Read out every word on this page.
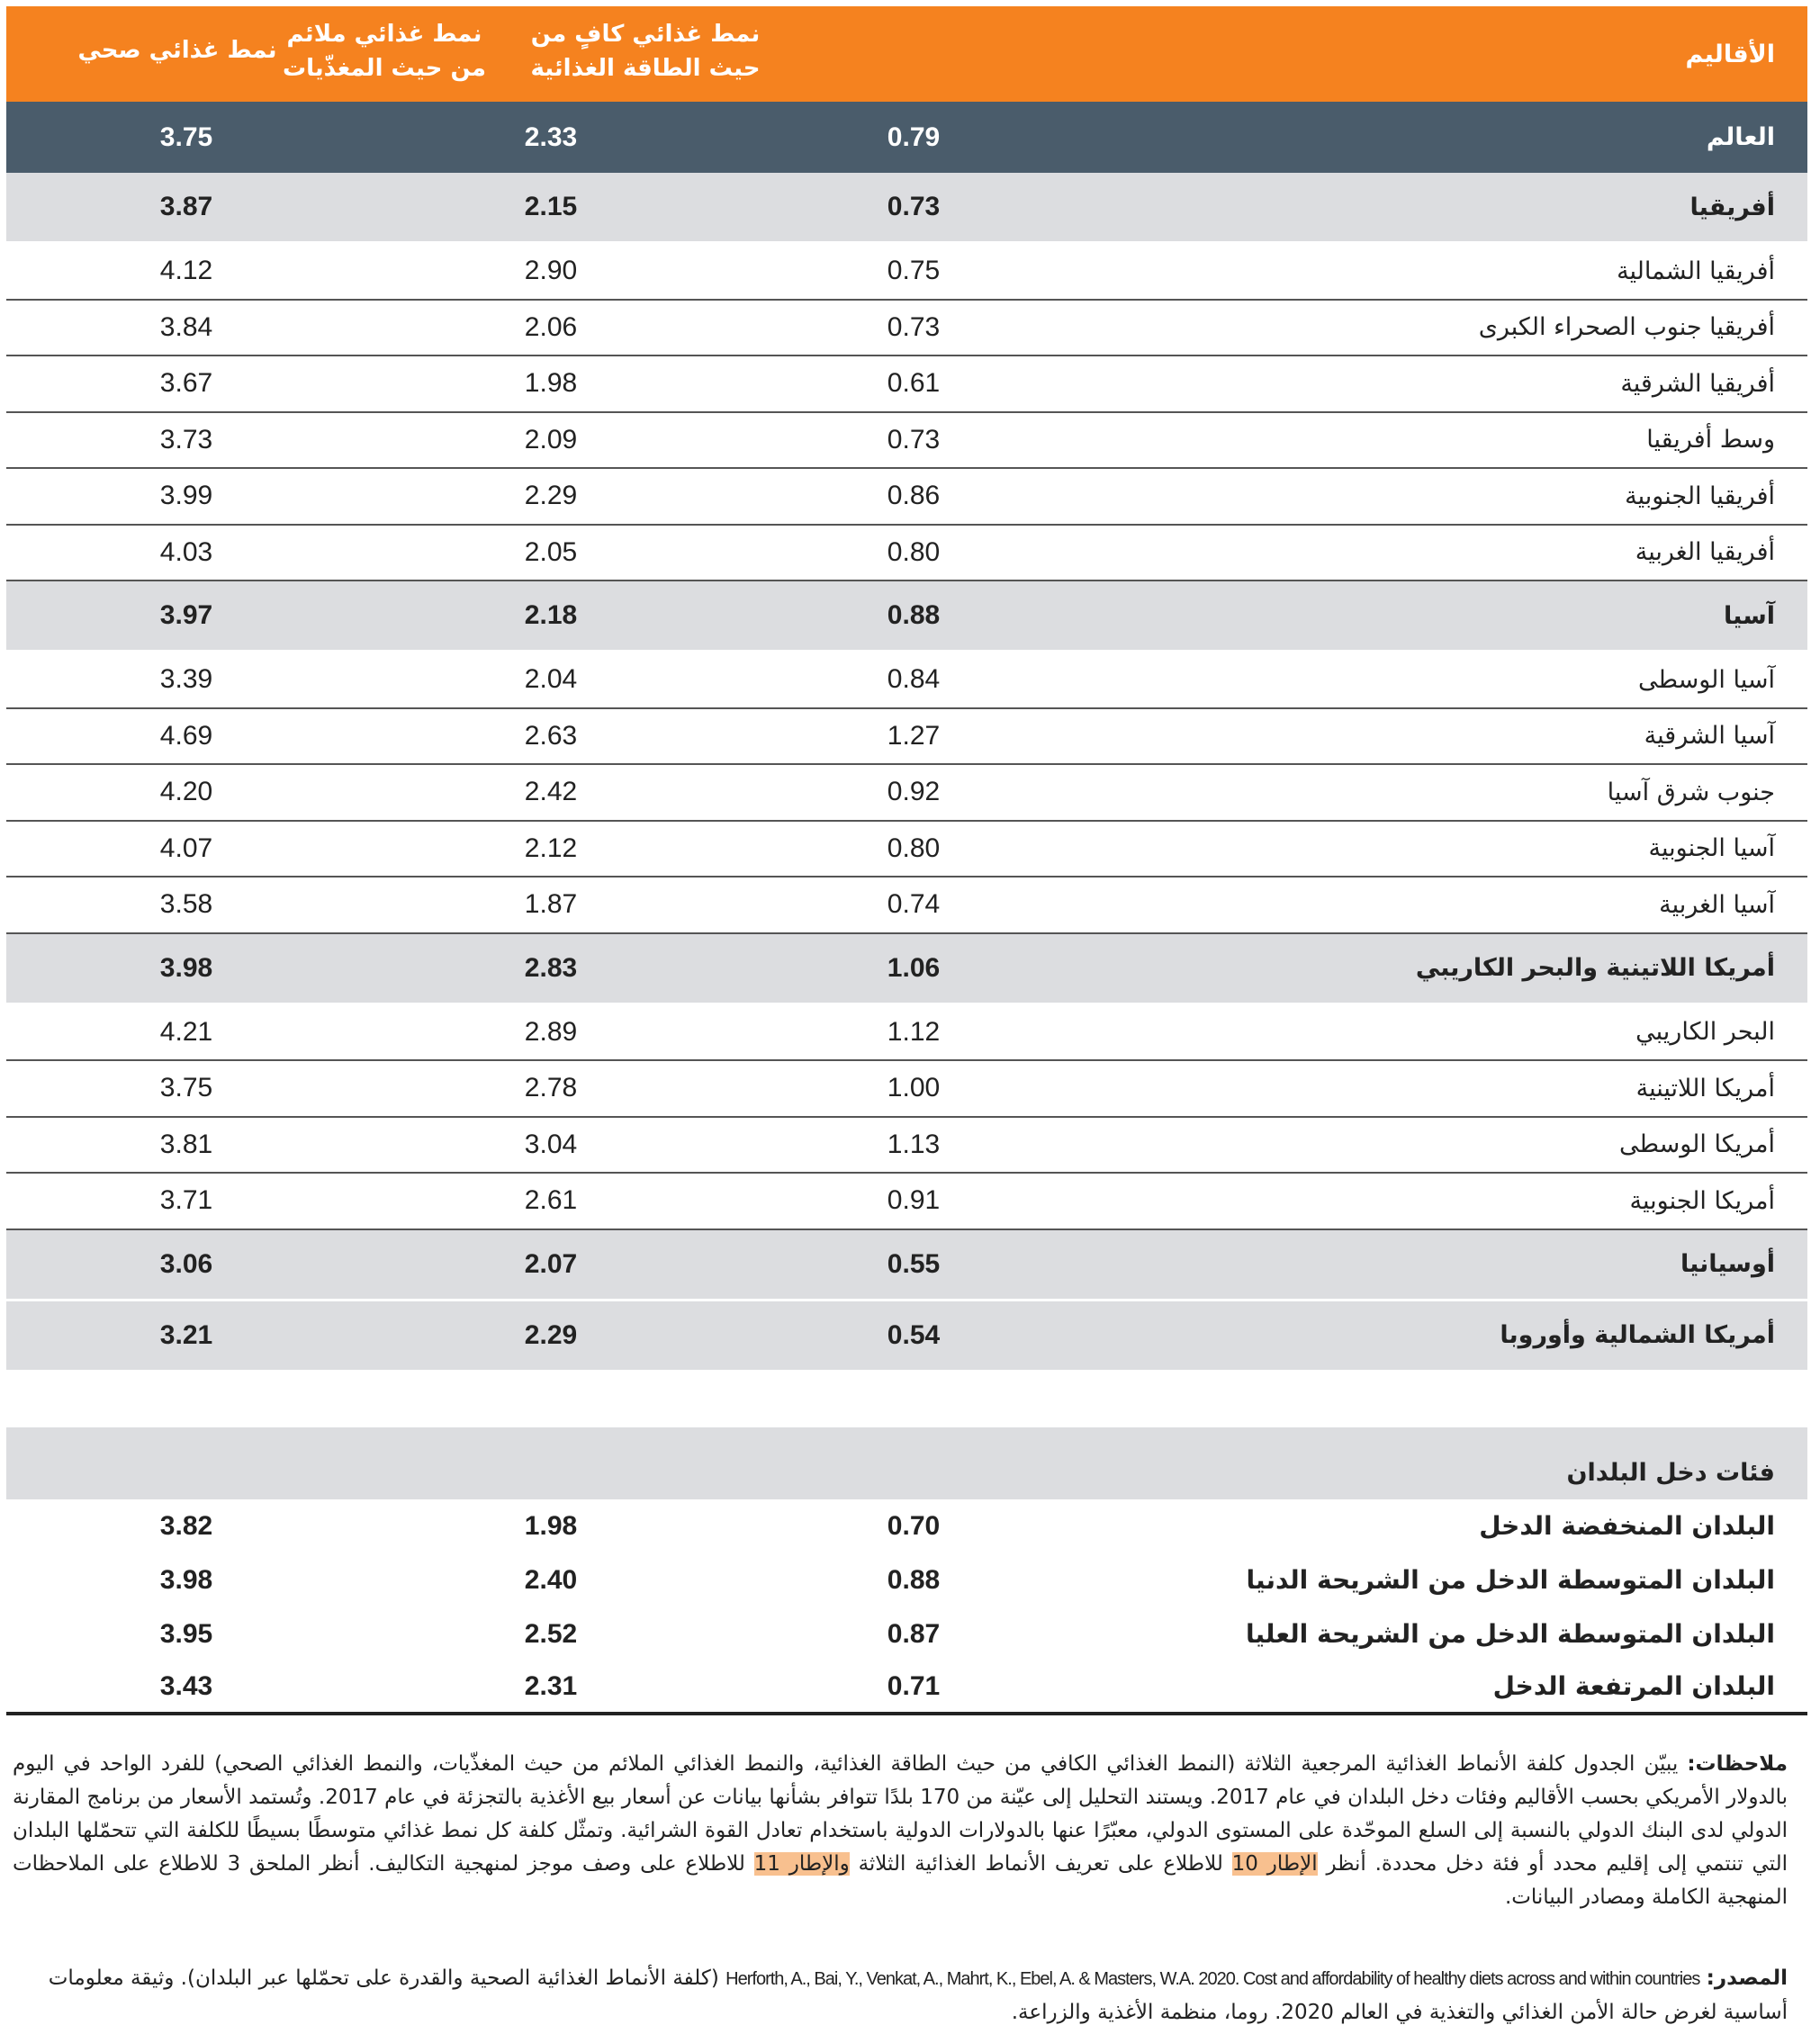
الأقاليم
نمط غذائي كافٍ من حيث الطاقة الغذائية
نمط غذائي ملائم من حيث المغذّيات
نمط غذائي صحي
العالم
0.79
2.33
3.75
أفريقيا
0.73
2.15
3.87
أفريقيا الشمالية
0.75
2.90
4.12
أفريقيا جنوب الصحراء الكبرى
0.73
2.06
3.84
أفريقيا الشرقية
0.61
1.98
3.67
وسط أفريقيا
0.73
2.09
3.73
أفريقيا الجنوبية
0.86
2.29
3.99
أفريقيا الغربية
0.80
2.05
4.03
آسيا
0.88
2.18
3.97
آسيا الوسطى
0.84
2.04
3.39
آسيا الشرقية
1.27
2.63
4.69
جنوب شرق آسيا
0.92
2.42
4.20
آسيا الجنوبية
0.80
2.12
4.07
آسيا الغربية
0.74
1.87
3.58
أمريكا اللاتينية والبحر الكاريبي
1.06
2.83
3.98
البحر الكاريبي
1.12
2.89
4.21
أمريكا اللاتينية
1.00
2.78
3.75
أمريكا الوسطى
1.13
3.04
3.81
أمريكا الجنوبية
0.91
2.61
3.71
أوسيانيا
0.55
2.07
3.06
أمريكا الشمالية وأوروبا
0.54
2.29
3.21
فئات دخل البلدان
البلدان المنخفضة الدخل
0.70
1.98
3.82
البلدان المتوسطة الدخل من الشريحة الدنيا
0.88
2.40
3.98
البلدان المتوسطة الدخل من الشريحة العليا
0.87
2.52
3.95
البلدان المرتفعة الدخل
0.71
2.31
3.43
ملاحظات: يبيّن الجدول كلفة الأنماط الغذائية المرجعية الثلاثة (النمط الغذائي الكافي من حيث الطاقة الغذائية، والنمط الغذائي الملائم من حيث المغذّيات، والنمط الغذائي الصحي) للفرد الواحد في اليوم بالدولار الأمريكي بحسب الأقاليم وفئات دخل البلدان في عام 2017. ويستند التحليل إلى عيّنة من 170 بلدًا تتوافر بشأنها بيانات عن أسعار بيع الأغذية بالتجزئة في عام 2017. وتُستمد الأسعار من برنامج المقارنة الدولي لدى البنك الدولي بالنسبة إلى السلع الموحّدة على المستوى الدولي، معبّرًا عنها بالدولارات الدولية باستخدام تعادل القوة الشرائية. وتمثّل كلفة كل نمط غذائي متوسطًا بسيطًا للكلفة التي تتحمّلها البلدان التي تنتمي إلى إقليم محدد أو فئة دخل محددة. أنظر الإطار 10 للاطلاع على تعريف الأنماط الغذائية الثلاثة والإطار 11 للاطلاع على وصف موجز لمنهجية التكاليف. أنظر الملحق 3 للاطلاع على الملاحظات المنهجية الكاملة ومصادر البيانات.
المصدر: Herforth, A., Bai, Y., Venkat, A., Mahrt, K., Ebel, A. & Masters, W.A. 2020. Cost and affordability of healthy diets across and within countries (كلفة الأنماط الغذائية الصحية والقدرة على تحمّلها عبر البلدان). وثيقة معلومات أساسية لغرض حالة الأمن الغذائي والتغذية في العالم 2020. روما، منظمة الأغذية والزراعة.
